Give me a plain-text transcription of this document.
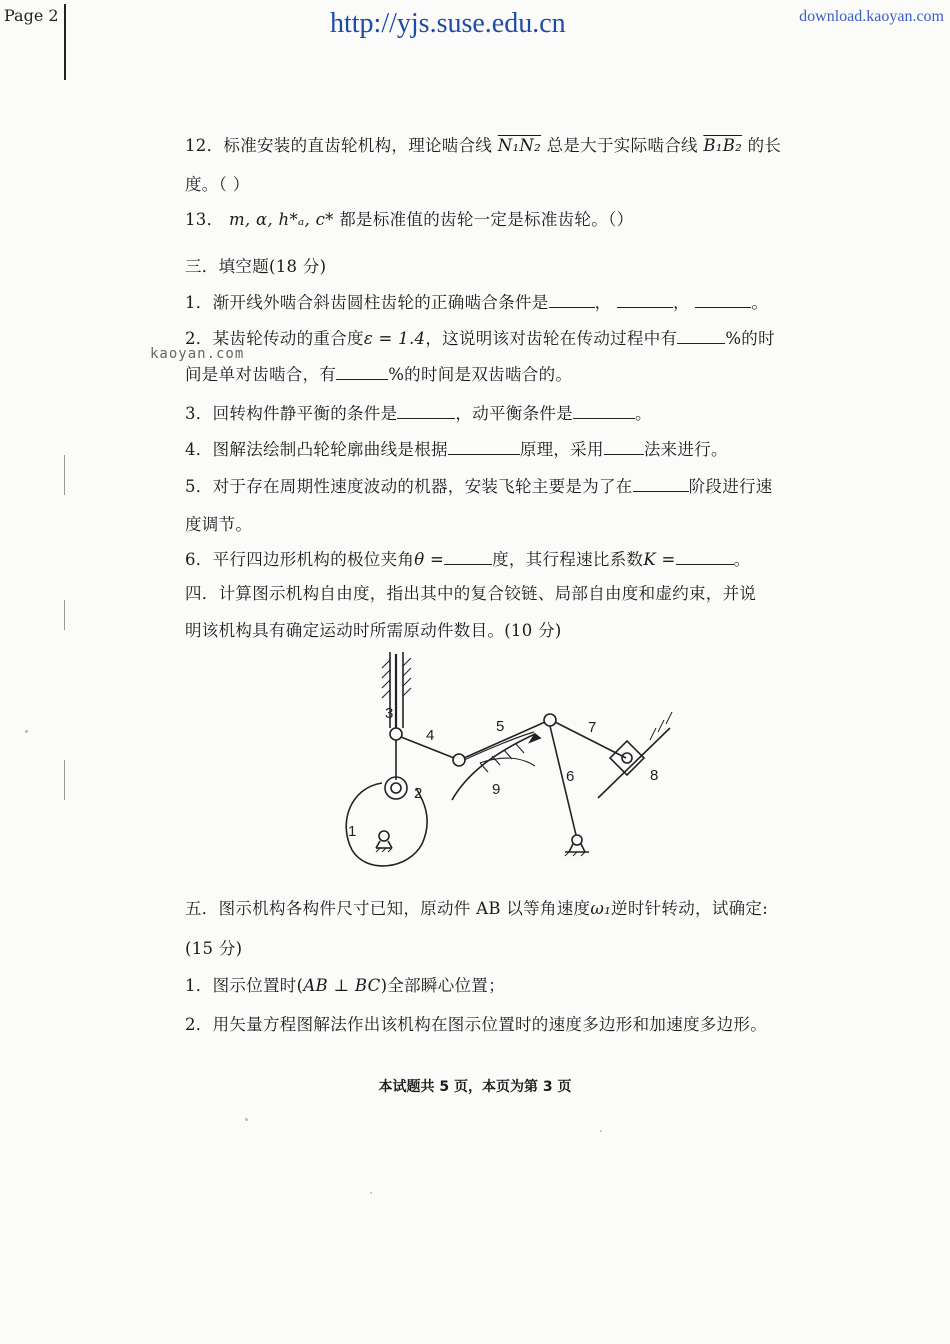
Page 2	http://yjs.suse.edu.cn	download.kaoyan.com
kaoyan.com
12．标准安装的直齿轮机构，理论啮合线 N₁N₂ 总是大于实际啮合线 B₁B₂ 的长
度。（ ）
13． m, α, h*ₐ, c* 都是标准值的齿轮一定是标准齿轮。（）
三．填空题(18 分)
1．渐开线外啮合斜齿圆柱齿轮的正确啮合条件是	，	，	。
2．某齿轮传动的重合度ε = 1.4，这说明该对齿轮在传动过程中有	%的时
间是单对齿啮合，有	%的时间是双齿啮合的。
3．回转构件静平衡的条件是	，动平衡条件是	。
4．图解法绘制凸轮轮廓曲线是根据	原理，采用 法来进行。
5．对于存在周期性速度波动的机器，安装飞轮主要是为了在	阶段进行速
度调节。
6．平行四边形机构的极位夹角θ =	度，其行程速比系数K =	。
四．计算图示机构自由度，指出其中的复合铰链、局部自由度和虚约束，并说
明该机构具有确定运动时所需原动件数目。(10 分)
3
4
5	7
6	8
2	9
1
五．图示机构各构件尺寸已知，原动件 AB 以等角速度ω₁逆时针转动，试确定:
(15 分)
1．图示位置时(AB ⊥ BC)全部瞬心位置；
2．用矢量方程图解法作出该机构在图示位置时的速度多边形和加速度多边形。
本试题共 5 页，本页为第 3 页
